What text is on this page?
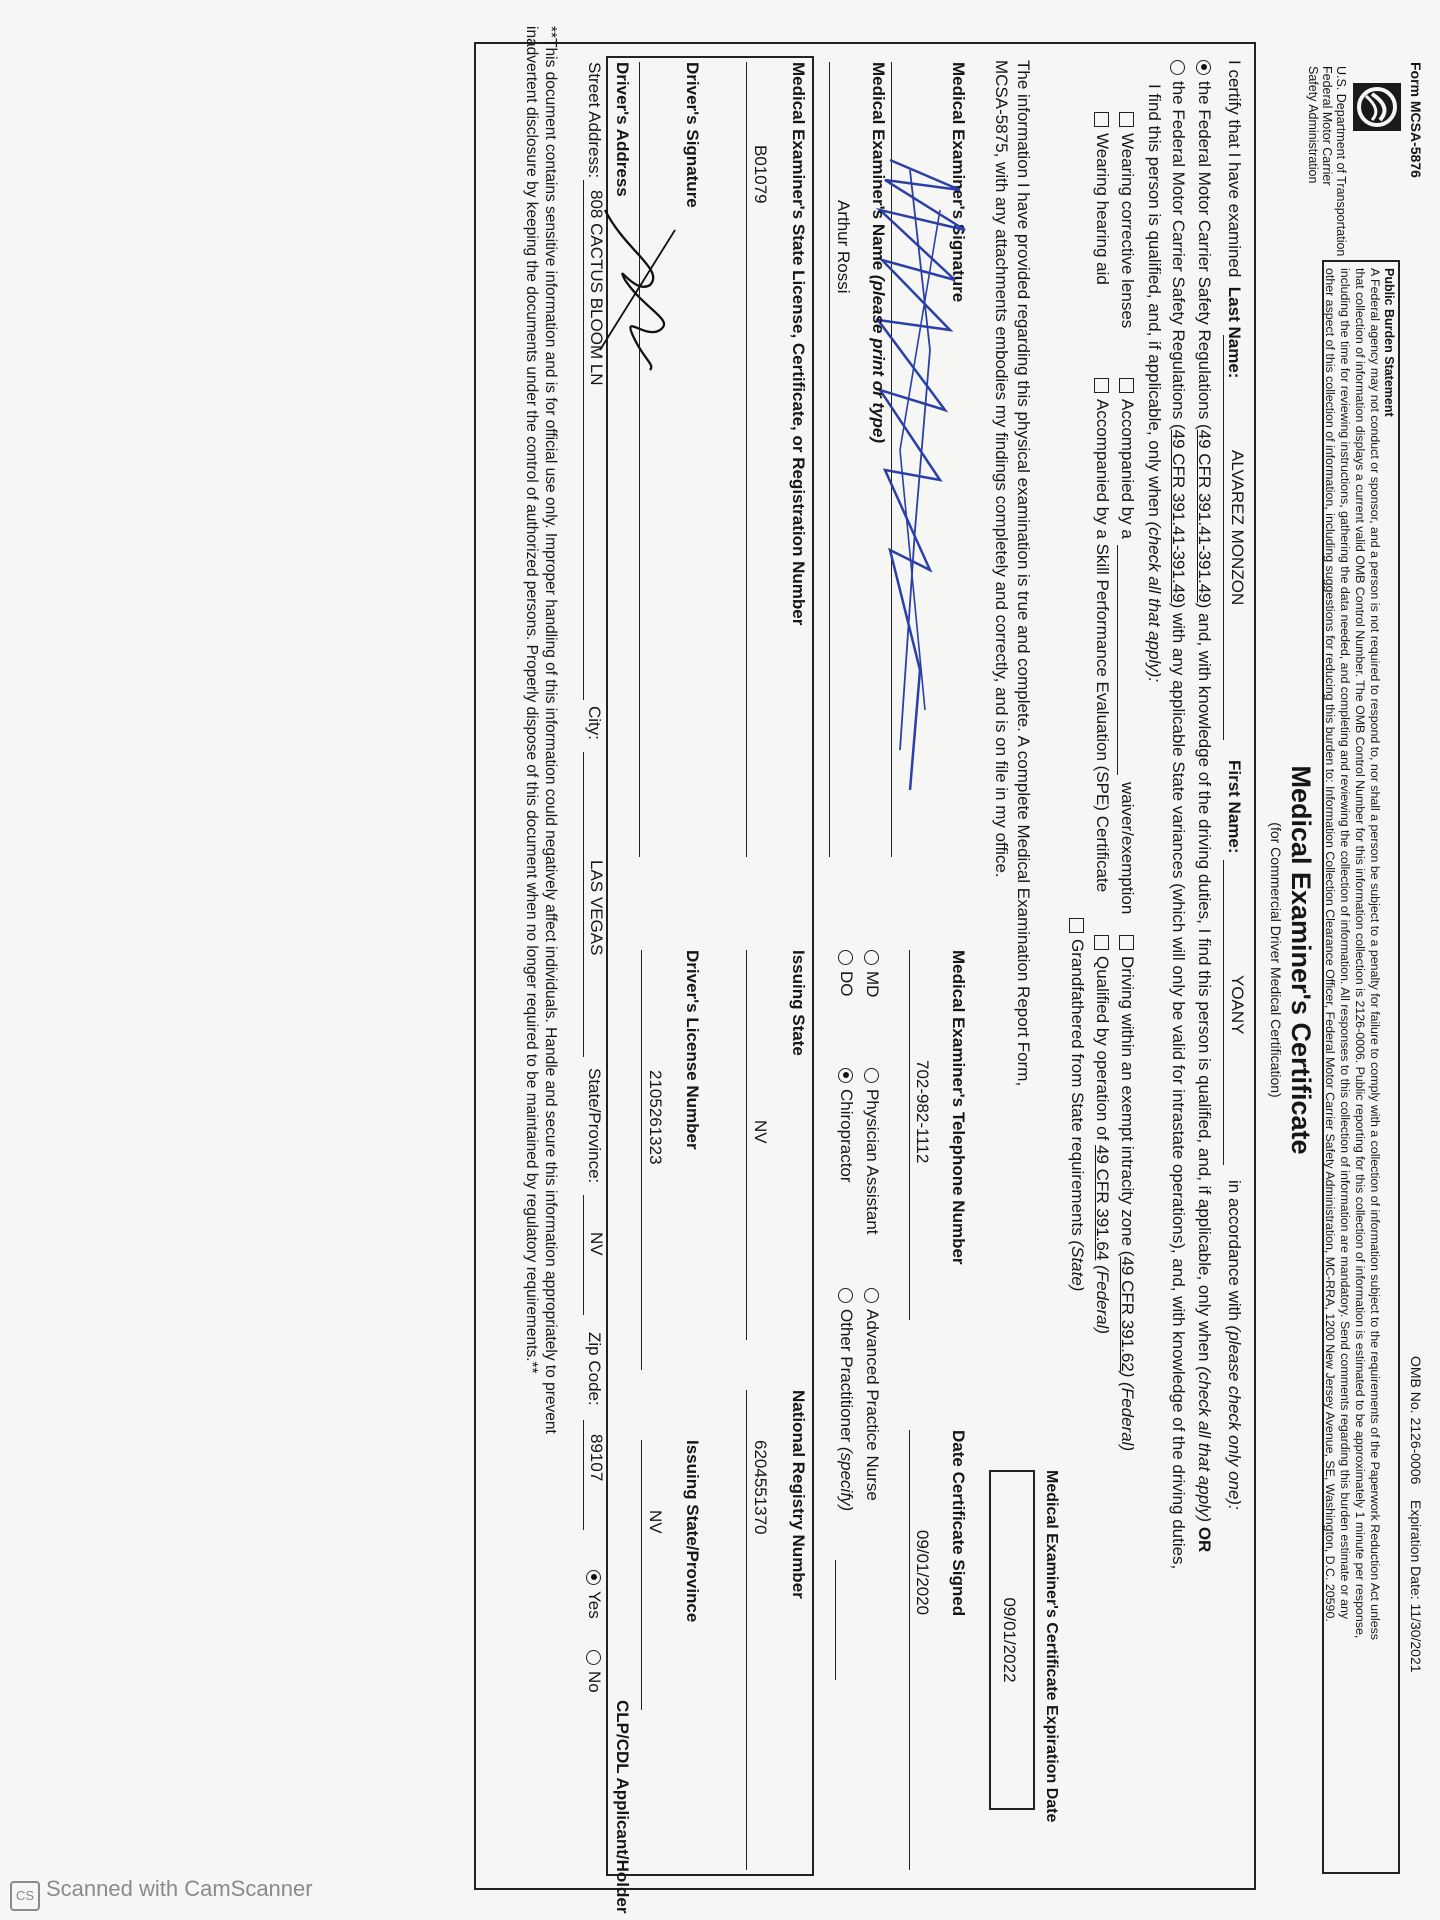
Form MCSA-5876
OMB No. 2126-0006
Expiration Date: 11/30/2021
U.S. Department of Transportation
Federal Motor Carrier
Safety Administration
Public Burden Statement
A Federal agency may not conduct or sponsor, and a person is not required to respond to, nor shall a person be subject to a penalty for failure to comply with a collection of information subject to the requirements of the Paperwork Reduction Act unless
that collection of information displays a current valid OMB Control Number. The OMB Control Number for this information collection is 2126-0006. Public reporting for this collection of information is estimated to be approximately 1 minute per response,
including the time for reviewing instructions, gathering the data needed, and completing and reviewing the collection of information. All responses to this collection of information are mandatory. Send comments regarding this burden estimate or any
other aspect of this collection of information, including suggestions for reducing this burden to: Information Collection Clearance Officer, Federal Motor Carrier Safety Administration, MC-RRA, 1200 New Jersey Avenue, SE, Washington, D.C. 20590.
Medical Examiner's Certificate
(for Commercial Driver Medical Certification)
I certify that I have examined  Last Name:
ALVAREZ MONZON
First Name:
YOANY
in accordance with (please check only one):
the Federal Motor Carrier Safety Regulations (49 CFR 391.41-391.49) and, with knowledge of the driving duties, I find this person is qualified, and, if applicable, only when (check all that apply) OR
the Federal Motor Carrier Safety Regulations (49 CFR 391.41-391.49) with any applicable State variances (which will only be valid for intrastate operations), and, with knowledge of the driving duties,
I find this person is qualified, and, if applicable, only when (check all that apply):
Wearing corrective lenses
Wearing hearing aid
Accompanied by a
waiver/exemption
Accompanied by a Skill Performance Evaluation (SPE) Certificate
Driving within an exempt intracity zone (49 CFR 391.62) (Federal)
Qualified by operation of 49 CFR 391.64 (Federal)
Grandfathered from State requirements (State)
The information I have provided regarding this physical examination is true and complete. A complete Medical Examination Report Form,
MCSA-5875, with any attachments embodies my findings completely and correctly, and is on file in my office.
Medical Examiner's Certificate Expiration Date
09/01/2022
Medical Examiner's Signature
Medical Examiner's Telephone Number
702-982-1112
Date Certificate Signed
09/01/2020
Medical Examiner's Name (please print or type)
Arthur Rossi
MD
DO
Physician Assistant
Chiropractor
Advanced Practice Nurse
Other Practitioner (specify)
Medical Examiner's State License, Certificate, or Registration Number
B01079
Issuing State
NV
National Registry Number
6204551370
Driver's Signature
Driver's License Number
2105261323
Issuing State/Province
NV
Driver's Address
CLP/CDL Applicant/Holder
Street Address:
808 CACTUS BLOOM LN
City:
LAS VEGAS
State/Province:
NV
Zip Code:
89107
Yes
No
**This document contains sensitive information and is for official use only. Improper handling of this information could negatively affect individuals. Handle and secure this information appropriately to prevent
inadvertent disclosure by keeping the documents under the control of authorized persons. Properly dispose of this document when no longer required to be maintained by regulatory requirements.**
CS Scanned with CamScanner
